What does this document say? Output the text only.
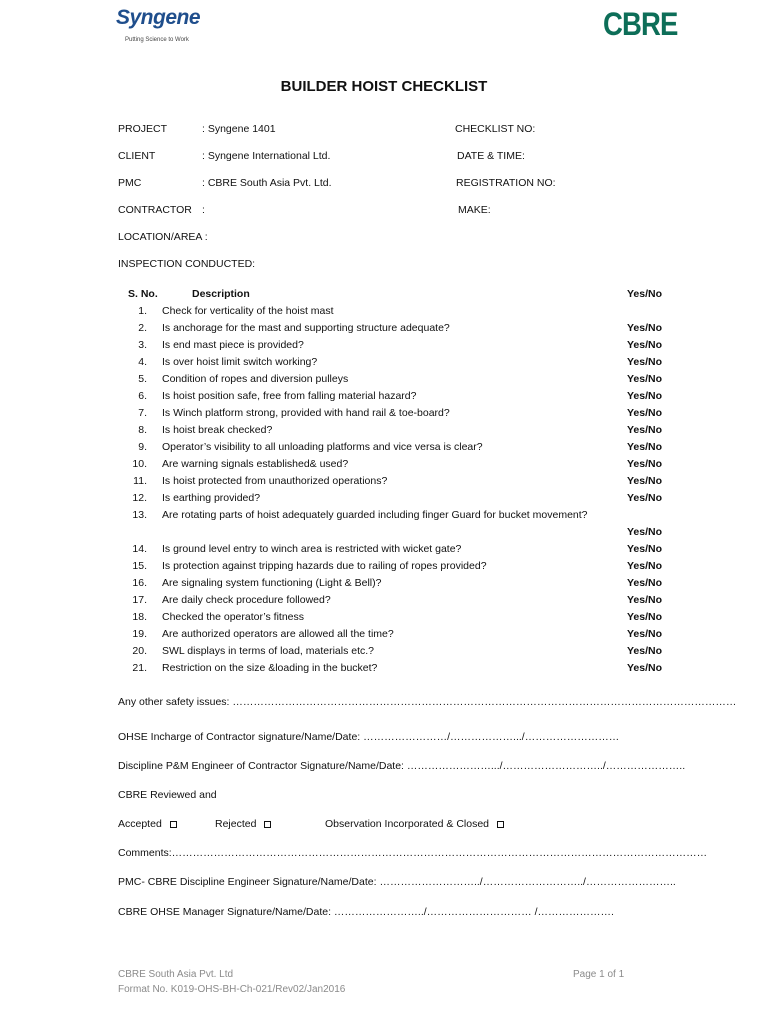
Syngene
Putting Science to Work	CBRE
BUILDER HOIST CHECKLIST
PROJECT	: Syngene 1401	CHECKLIST NO:
CLIENT	: Syngene International Ltd.	DATE & TIME:
PMC	: CBRE South Asia Pvt. Ltd.	REGISTRATION NO:
CONTRACTOR :	MAKE:
LOCATION/AREA :
INSPECTION CONDUCTED:
S. No.	Description	Yes/No
1. Check for verticality of the hoist mast
2. Is anchorage for the mast and supporting structure adequate?	Yes/No
3. Is end mast piece is provided?	Yes/No
4. Is over hoist limit switch working?	Yes/No
5. Condition of ropes and diversion pulleys	Yes/No
6. Is hoist position safe, free from falling material hazard?	Yes/No
7. Is Winch platform strong, provided with hand rail & toe-board?	Yes/No
8. Is hoist break checked?	Yes/No
9. Operator’s visibility to all unloading platforms and vice versa is clear?	Yes/No
10. Are warning signals established& used?	Yes/No
11. Is hoist protected from unauthorized operations?	Yes/No
12. Is earthing provided?	Yes/No
13. Are rotating parts of hoist adequately guarded including finger Guard for bucket movement?
Yes/No
14. Is ground level entry to winch area is restricted with wicket gate?	Yes/No
15. Is protection against tripping hazards due to railing of ropes provided?	Yes/No
16. Are signaling system functioning (Light & Bell)?	Yes/No
17. Are daily check procedure followed?	Yes/No
18. Checked the operator’s fitness	Yes/No
19. Are authorized operators are allowed all the time?	Yes/No
20. SWL displays in terms of load, materials etc.?	Yes/No
21. Restriction on the size &loading in the bucket?	Yes/No
Any other safety issues: ………………………………………………………………………………………………………………………………
OHSE Incharge of Contractor signature/Name/Date: ……………………/……………….../………………………
Discipline P&M Engineer of Contractor Signature/Name/Date: …………………….../………………………../…………………..
CBRE Reviewed and
Accepted	Rejected	Observation Incorporated & Closed
Comments:………………………………………………………………………………………………………………………………………
PMC- CBRE Discipline Engineer Signature/Name/Date: ………………………../………………………../……………………..
CBRE OHSE Manager Signature/Name/Date: ……………………../………………………… /………………….
CBRE South Asia Pvt. Ltd
Format No. K019-OHS-BH-Ch-021/Rev02/Jan2016
Page 1 of 1
